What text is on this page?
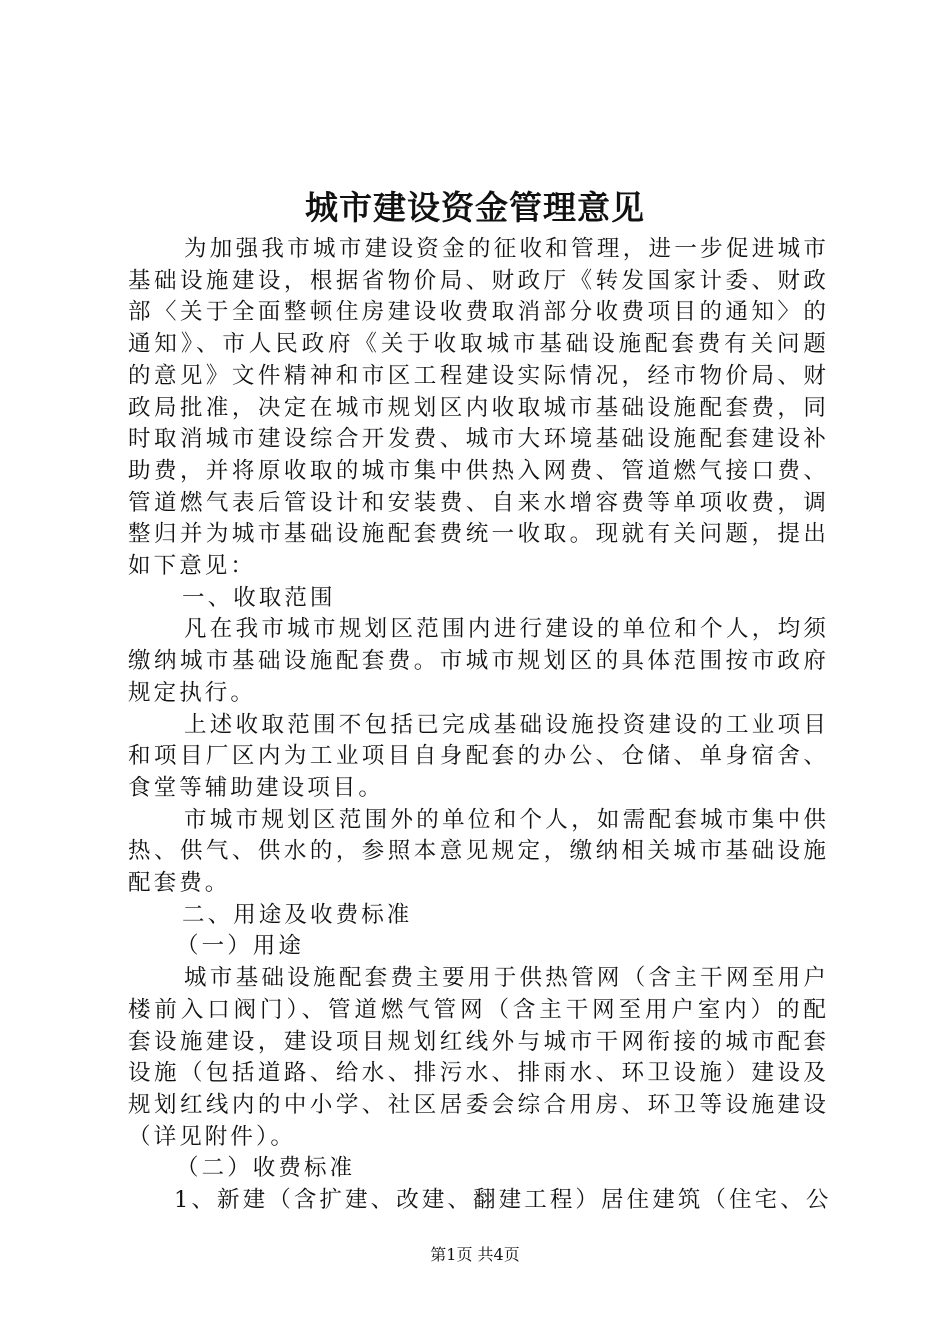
城市建设资金管理意见

为加强我市城市建设资金的征收和管理，进一步促进城市基础设施建设，根据省物价局、财政厅《转发国家计委、财政部〈关于全面整顿住房建设收费取消部分收费项目的通知〉的通知》、市人民政府《关于收取城市基础设施配套费有关问题的意见》文件精神和市区工程建设实际情况，经市物价局、财政局批准，决定在城市规划区内收取城市基础设施配套费，同时取消城市建设综合开发费、城市大环境基础设施配套建设补助费，并将原收取的城市集中供热入网费、管道燃气接口费、管道燃气表后管设计和安装费、自来水增容费等单项收费，调整归并为城市基础设施配套费统一收取。现就有关问题，提出如下意见：

一、收取范围

凡在我市城市规划区范围内进行建设的单位和个人，均须缴纳城市基础设施配套费。市城市规划区的具体范围按市政府规定执行。

上述收取范围不包括已完成基础设施投资建设的工业项目和项目厂区内为工业项目自身配套的办公、仓储、单身宿舍、食堂等辅助建设项目。

市城市规划区范围外的单位和个人，如需配套城市集中供热、供气、供水的，参照本意见规定，缴纳相关城市基础设施配套费。

二、用途及收费标准

（一）用途

城市基础设施配套费主要用于供热管网（含主干网至用户楼前入口阀门）、管道燃气管网（含主干网至用户室内）的配套设施建设，建设项目规划红线外与城市干网衔接的城市配套设施（包括道路、给水、排污水、排雨水、环卫设施）建设及规划红线内的中小学、社区居委会综合用房、环卫等设施建设（详见附件）。

（二）收费标准

1、新建（含扩建、改建、翻建工程）居住建筑（住宅、公

第1页 共4页
